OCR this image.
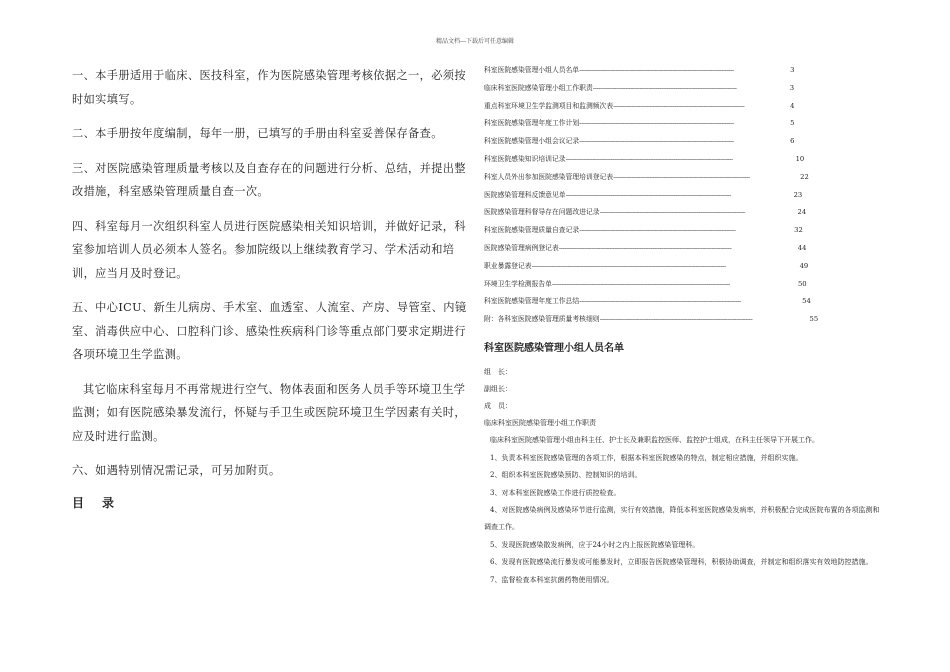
精品文档---下载后可任意编辑

一、本手册适用于临床、医技科室，作为医院感染管理考核依据之一，必须按时如实填写。

二、本手册按年度编制，每年一册，已填写的手册由科室妥善保存备查。

三、对医院感染管理质量考核以及自查存在的问题进行分析、总结，并提出整改措施，科室感染管理质量自查一次。

四、科室每月一次组织科室人员进行医院感染相关知识培训，并做好记录，科室参加培训人员必须本人签名。参加院级以上继续教育学习、学术活动和培训，应当月及时登记。

五、中心ICU、新生儿病房、手术室、血透室、人流室、产房、导管室、内镜室、消毒供应中心、口腔科门诊、感染性疾病科门诊等重点部门要求定期进行各项环境卫生学监测。

其它临床科室每月不再常规进行空气、物体表面和医务人员手等环境卫生学监测；如有医院感染暴发流行，怀疑与手卫生或医院环境卫生学因素有关时，应及时进行监测。

六、如遇特别情况需记录，可另加附页。

目录
科室医院感染管理小组人员名单 --------------------------------------------------------------------------------------	3
临床科室医院感染管理小组工作职责 --------------------------------------------------------------------------------	3
重点科室环境卫生学监测项目和监测频次表 -------------------------------------------------------------------------	4
科室医院感染管理年度工作计划 --------------------------------------------------------------------------------------	5
科室医院感染管理小组会议记录 --------------------------------------------------------------------------------------	6
科室医院感染知识培训记录 ---------------------------------------------------------------------------------------------	10
科室人员外出参加医院感染管理培训登记表 ----------------------------------------------------------------------------	22
医院感染管理科反馈意见单 --------------------------------------------------------------------------------------------	23
医院感染管理科督导存在问题改进记录 ---------------------------------------------------------------------------------	24
科室医院感染管理质量自查记录 ---------------------------------------------------------------------------------------	32
医院感染管理病例登记表 ------------------------------------------------------------------------------------------------	44
职业暴露登记表 ------------------------------------------------------------------------------------------------------------	49
环境卫生学检测报告单 ---------------------------------------------------------------------------------------------------	50
科室医院感染管理年度工作总结 ------------------------------------------------------------------------------------------	54
附：各科室医院感染管理质量考核细则 -------------------------------------------------------------------------------------	55
科室医院感染管理小组人员名单
组　长：
副组长：
成　员：
临床科室医院感染管理小组工作职责
临床科室医院感染管理小组由科主任、护士长及兼职监控医师、监控护士组成，在科主任领导下开展工作。
1、负责本科室医院感染管理的各项工作，根据本科室医院感染的特点，制定相应措施，并组织实施。
2、组织本科室医院感染预防、控制知识的培训。
3、对本科室医院感染工作进行质控检查。
4、对医院感染病例及感染环节进行监测，实行有效措施，降低本科室医院感染发病率，并积极配合完成医院布置的各项监测和调查工作。
5、发现医院感染散发病例，应于24小时之内上报医院感染管理科。
6、发现有医院感染流行暴发或可能暴发时，立即报告医院感染管理科，积极协助调查，并制定和组织落实有效地防控措施。
7、监督检查本科室抗菌药物使用情况。
